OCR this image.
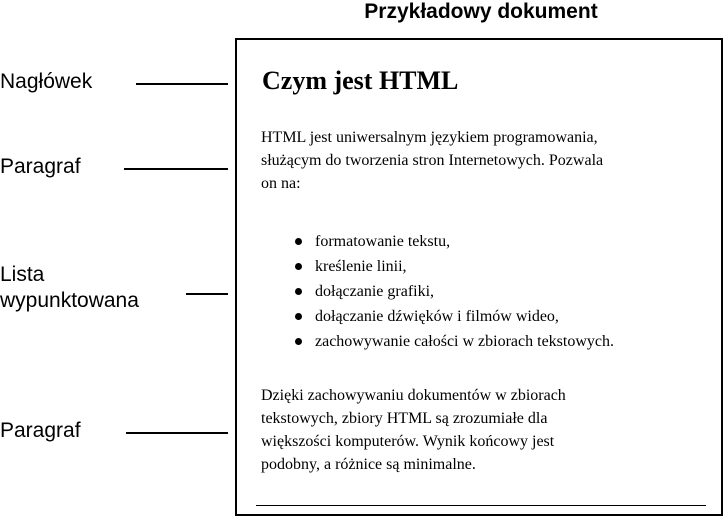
Przykładowy dokument
Czym jest HTML
HTML jest uniwersalnym językiem programowania,
służącym do tworzenia stron Internetowych. Pozwala
on na:
formatowanie tekstu,
kreślenie linii,
dołączanie grafiki,
dołączanie dźwięków i filmów wideo,
zachowywanie całości w zbiorach tekstowych.
Dzięki zachowywaniu dokumentów w zbiorach
tekstowych, zbiory HTML są zrozumiałe dla
większości komputerów. Wynik końcowy jest
podobny, a różnice są minimalne.
Nagłówek
Paragraf
Lista
wypunktowana
Paragraf
